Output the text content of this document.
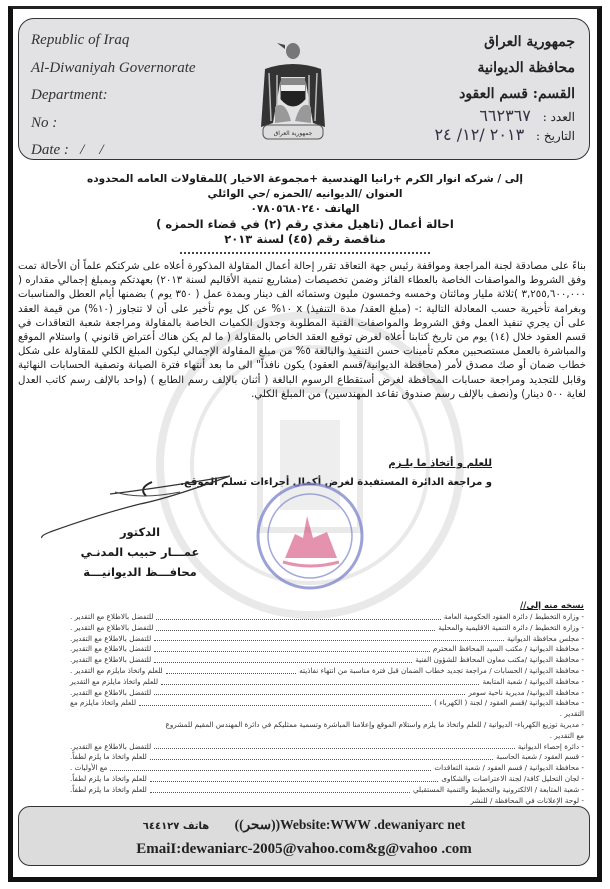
Republic of Iraq
Al-Diwaniyah Governorate
Department:
No :
Date :   /    /
جمهورية العراق
جمهورية العراق
محافظة الديوانية
القسم: قسم العقود
العدد : ٦٦٢٣٦٧
التاريخ : ٢٠١٣ /١٢/ ٢٤
إلى / شركه انوار الكرم +رانيا الهندسية +مجموعة الاخيار )للمقاولات العامه المحدوده
العنوان /الديوانيه /الحمزه /حي الوائلي
الهاتف ٠٧٨٠٥٦٨٠٢٤٠
احالة أعمال (تاهيل مغذي رقم (٢) في قضاء الحمزه )
مناقصة رقم (٤٥) لسنة ٢٠١٣
بناءً على مصادقة لجنة المراجعة ومواقفة رئيس جهة التعاقد تقرر إحالة أعمال المقاولة المذكورة أعلاه على شركتكم علماً أن الأحالة تمت وفق الشروط والمواصفات الخاصة بالعطاء الفائز وضمن تخصيصات (مشاريع تنمية الأقاليم لسنة ٢٠١٣) بعهدتكم وبمبلغ إجمالي مقداره ( ٣,٢٥٥,٦٠٠,٠٠٠ )ثلاثة مليار ومائتان وخمسه وخمسون مليون وستمائه الف دينار وبمدة عمل ( ٣٥٠ يوم ) بضمنها أيام العطل والمناسبات وبغرامة تأخيرية حسب المعادلة التالية :- (مبلغ العقد/ مدة التنفيذ) x ١٠% عن كل يوم تأخير على أن لا تتجاوز (١٠%) من قيمة العقد على أن يجري تنفيذ العمل وفق الشروط والمواصفات الفنية المطلوبة وجدول الكميات الخاصة بالمقاولة ومراجعة شعبة التعاقدات في قسم العقود خلال (١٤) يوم من تاريخ كتابنا أعلاه لغرض توقيع العقد الخاص بالمقاولة ( ما لم يكن هناك أعتراض قانوني ) واستلام الموقع والمباشرة بالعمل مستصحبين معكم تأمينات حسن التنفيذ والبالغة ٥% من مبلغ المقاولة الإجمالي ليكون المبلغ الكلي للمقاولة على شكل خطاب ضمان أو صك مصدق لأمر (محافظة الديوانية/قسم العقود) يكون نافذاً" الى ما بعد أنتهاء فترة الصيانة وتصفية الحسابات النهائية وقابل للتجديد ومراجعة حسابات المحافظة لغرض أستقطاع الرسوم البالغة ( أثنان بالإلف رسم الطابع ) (واحد بالإلف رسم كاتب العدل لغاية ٥٠٠ دينار) و(نصف بالإلف رسم صندوق تقاعد المهندسين) من المبلغ الكلي.
للعلم و أتخاذ ما يلـزم
و مراجعة الدائرة المستفيدة لغرض أكمال أجراءات تسلم الموقع.
الدكتور
عمـــار حبيب المدنـي
محافـــظ الديوانيـــة
نسخه منه إلى//
- وزارة التخطيط / دائرة العقود الحكومية العامة
للتفضل بالاطلاع مع التقدير .
- وزارة التخطيط / دائرة التنمية الاقليمية والمحلية
للتفضل بالاطلاع مع التقدير .
- مجلس محافظة الديوانية
للتفضل بالاطلاع مع التقدير.
- محافظة الديوانية / مكتب السيد المحافظ المحترم
للتفضل بالاطلاع مع التقدير.
- محافظة الديوانية /مكتب معاون المحافظ للشؤون الفنية
للتفضل بالاطلاع مع التقدير.
- محافظة الديوانية / الحسابات / مراجعة تجديد خطاب الضمان قبل فترة مناسبة من انتهاء نفاذيته
للعلم واتخاذ مايلزم مع التقدير .
- محافظة الديوانية / شعبة المتابعة
للعلم واتخاذ مايلزم مع التقدير
- محافظة الديوانية/ مديرية ناحية سومر
للتفضل بالاطلاع مع التقدير.
- محافظة الديوانية /قسم العقود / لجنة ( الكهرباء )
للعلم واتخاذ مايلزم مع
التقدير .
- مديرية توزيع الكهرباء- الديوانية / للعلم واتخاذ ما يلزم واستلام الموقع وإعلامنا المباشرة وتسمية ممثليكم في دائرة المهندس المقيم للمشروع
مع التقدير .
- دائرة إحصاء الديوانية
للتفضل بالاطلاع مع التقدير.
- قسم العقود / شعبة الحاسبة
للعلم واتخاذ ما يلزم لطفاً.
- محافظة الديوانية / قسم العقود / شعبة التعاقدات
مع الأوليات .
- لجان التحليل كافة/ لجنة الاعتراضات والشكاوى
للعلم واتخاذ ما يلزم لطفاً.
- شعبة المتابعة / الالكترونية والتخطيط والتنمية المستقبلي
للعلم واتخاذ ما يلزم لطفاً.
- لوحة الإعلانات في المحافظة / للنشر
هاتف ٦٤٤١٢٧ ((سحر))Website:WWW .dewaniyarc net
EmaiI:dewaniarc-2005@vahoo.com&g@vahoo .com
